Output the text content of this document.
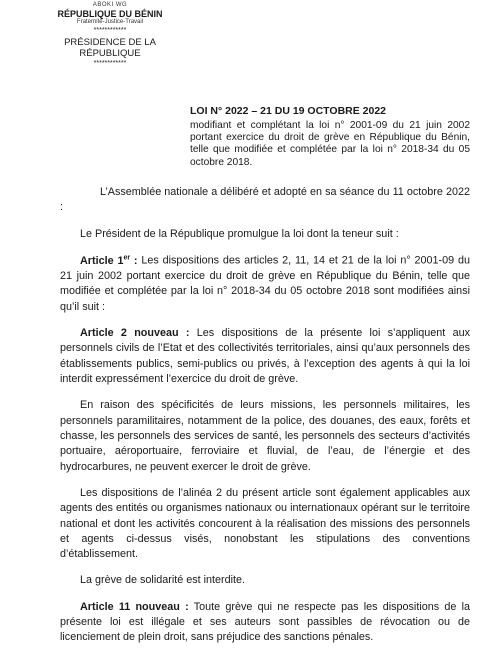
ABOKI WG
RÉPUBLIQUE DU BÉNIN
Fraternité-Justice-Travail
************
PRÉSIDENCE DE LA RÉPUBLIQUE
************
LOI N° 2022 – 21 DU 19 OCTOBRE 2022
modifiant et complétant la loi n° 2001-09 du 21 juin 2002 portant exercice du droit de grève en République du Bénin, telle que modifiée et complétée par la loi n° 2018-34 du 05 octobre 2018.

L’Assemblée nationale a délibéré et adopté en sa séance du 11 octobre 2022 :

Le Président de la République promulgue la loi dont la teneur suit :

Article 1er : Les dispositions des articles 2, 11, 14 et 21 de la loi n° 2001-09 du 21 juin 2002 portant exercice du droit de grève en République du Bénin, telle que modifiée et complétée par la loi n° 2018-34 du 05 octobre 2018 sont modifiées ainsi qu’il suit :

Article 2 nouveau : Les dispositions de la présente loi s’appliquent aux personnels civils de l’Etat et des collectivités territoriales, ainsi qu’aux personnels des établissements publics, semi-publics ou privés, à l’exception des agents à qui la loi interdit expressément l’exercice du droit de grève.

En raison des spécificités de leurs missions, les personnels militaires, les personnels paramilitaires, notamment de la police, des douanes, des eaux, forêts et chasse, les personnels des services de santé, les personnels des secteurs d’activités portuaire, aéroportuaire, ferroviaire et fluvial, de l’eau, de l’énergie et des hydrocarbures, ne peuvent exercer le droit de grève.

Les dispositions de l’alinéa 2 du présent article sont également applicables aux agents des entités ou organismes nationaux ou internationaux opérant sur le territoire national et dont les activités concourent à la réalisation des missions des personnels et agents ci-dessus visés, nonobstant les stipulations des conventions d’établissement.

La grève de solidarité est interdite.

Article 11 nouveau : Toute grève qui ne respecte pas les dispositions de la présente loi est illégale et ses auteurs sont passibles de révocation ou de licenciement de plein droit, sans préjudice des sanctions pénales.
